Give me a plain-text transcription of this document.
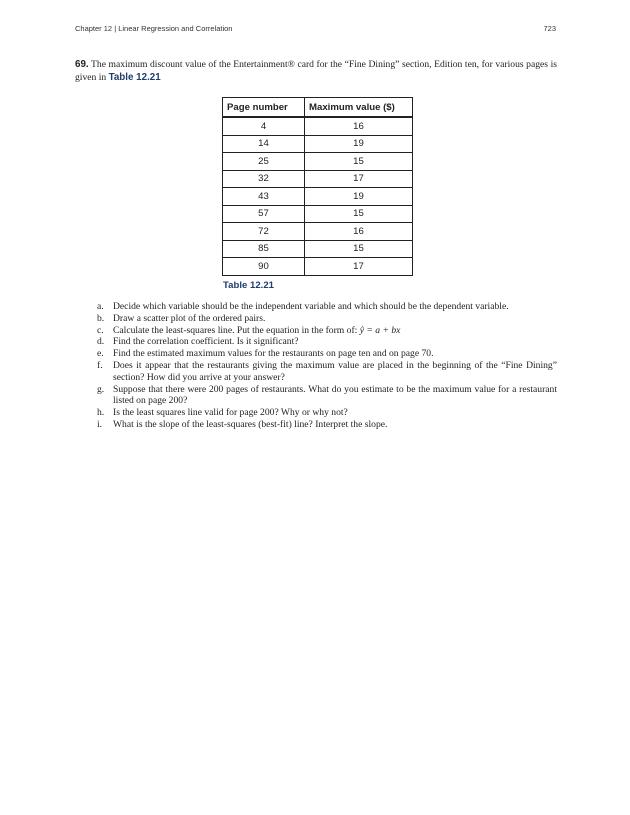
Chapter 12 | Linear Regression and Correlation	723
69. The maximum discount value of the Entertainment® card for the “Fine Dining” section, Edition ten, for various pages is given in Table 12.21
Page number	Maximum value ($)
4	16
14	19
25	15
32	17
43	19
57	15
72	16
85	15
90	17
Table 12.21
a. Decide which variable should be the independent variable and which should be the dependent variable.
b. Draw a scatter plot of the ordered pairs.
c. Calculate the least-squares line. Put the equation in the form of: ŷ = a + bx
d. Find the correlation coefficient. Is it significant?
e. Find the estimated maximum values for the restaurants on page ten and on page 70.
f.	Does it appear that the restaurants giving the maximum value are placed in the beginning of the “Fine Dining” section? How did you arrive at your answer?
g. Suppose that there were 200 pages of restaurants. What do you estimate to be the maximum value for a restaurant listed on page 200?
h. Is the least squares line valid for page 200? Why or why not?
i.	What is the slope of the least-squares (best-fit) line? Interpret the slope.
